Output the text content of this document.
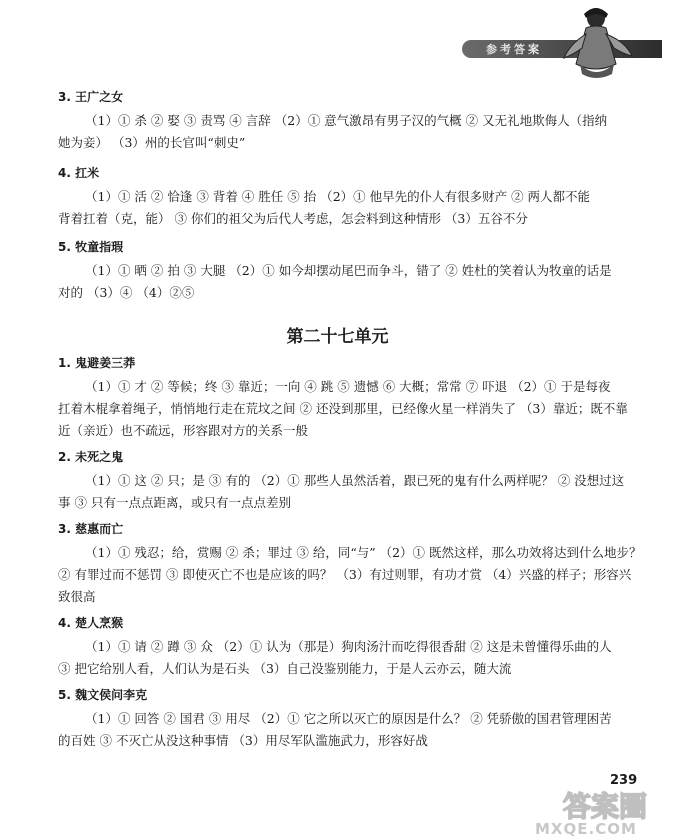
参考答案
3. 王广之女
（1）① 杀 ② 娶 ③ 责骂 ④ 言辞 （2）① 意气激昂有男子汉的气概 ② 又无礼地欺侮人（指纳
她为妾） （3）州的长官叫“刺史”
4. 扛米
（1）① 活 ② 恰逢 ③ 背着 ④ 胜任 ⑤ 抬 （2）① 他早先的仆人有很多财产 ② 两人都不能
背着扛着（克，能） ③ 你们的祖父为后代人考虑，怎会料到这种情形 （3）五谷不分
5. 牧童指瑕
（1）① 晒 ② 拍 ③ 大腿 （2）① 如今却摆动尾巴而争斗，错了 ② 姓杜的笑着认为牧童的话是
对的 （3）④ （4）②⑤
第二十七单元
1. 鬼避姜三莽
（1）① 才 ② 等候；终 ③ 靠近；一向 ④ 跳 ⑤ 遗憾 ⑥ 大概；常常 ⑦ 吓退 （2）① 于是每夜
扛着木棍拿着绳子，悄悄地行走在荒坟之间 ② 还没到那里，已经像火星一样消失了 （3）靠近；既不靠
近（亲近）也不疏远，形容跟对方的关系一般
2. 未死之鬼
（1）① 这 ② 只；是 ③ 有的 （2）① 那些人虽然活着，跟已死的鬼有什么两样呢？ ② 没想过这
事 ③ 只有一点点距离，或只有一点点差别
3. 慈惠而亡
（1）① 残忍；给，赏赐 ② 杀；罪过 ③ 给，同“与” （2）① 既然这样，那么功效将达到什么地步？
② 有罪过而不惩罚 ③ 即使灭亡不也是应该的吗？ （3）有过则罪，有功才赏 （4）兴盛的样子；形容兴
致很高
4. 楚人烹猴
（1）① 请 ② 蹲 ③ 众 （2）① 认为（那是）狗肉汤汁而吃得很香甜 ② 这是未曾懂得乐曲的人
③ 把它给别人看，人们认为是石头 （3）自己没鉴别能力，于是人云亦云，随大流
5. 魏文侯问李克
（1）① 回答 ② 国君 ③ 用尽 （2）① 它之所以灭亡的原因是什么？ ② 凭骄傲的国君管理困苦
的百姓 ③ 不灭亡从没这种事情 （3）用尽军队滥施武力，形容好战
239
答案圈
MXQE.COM
